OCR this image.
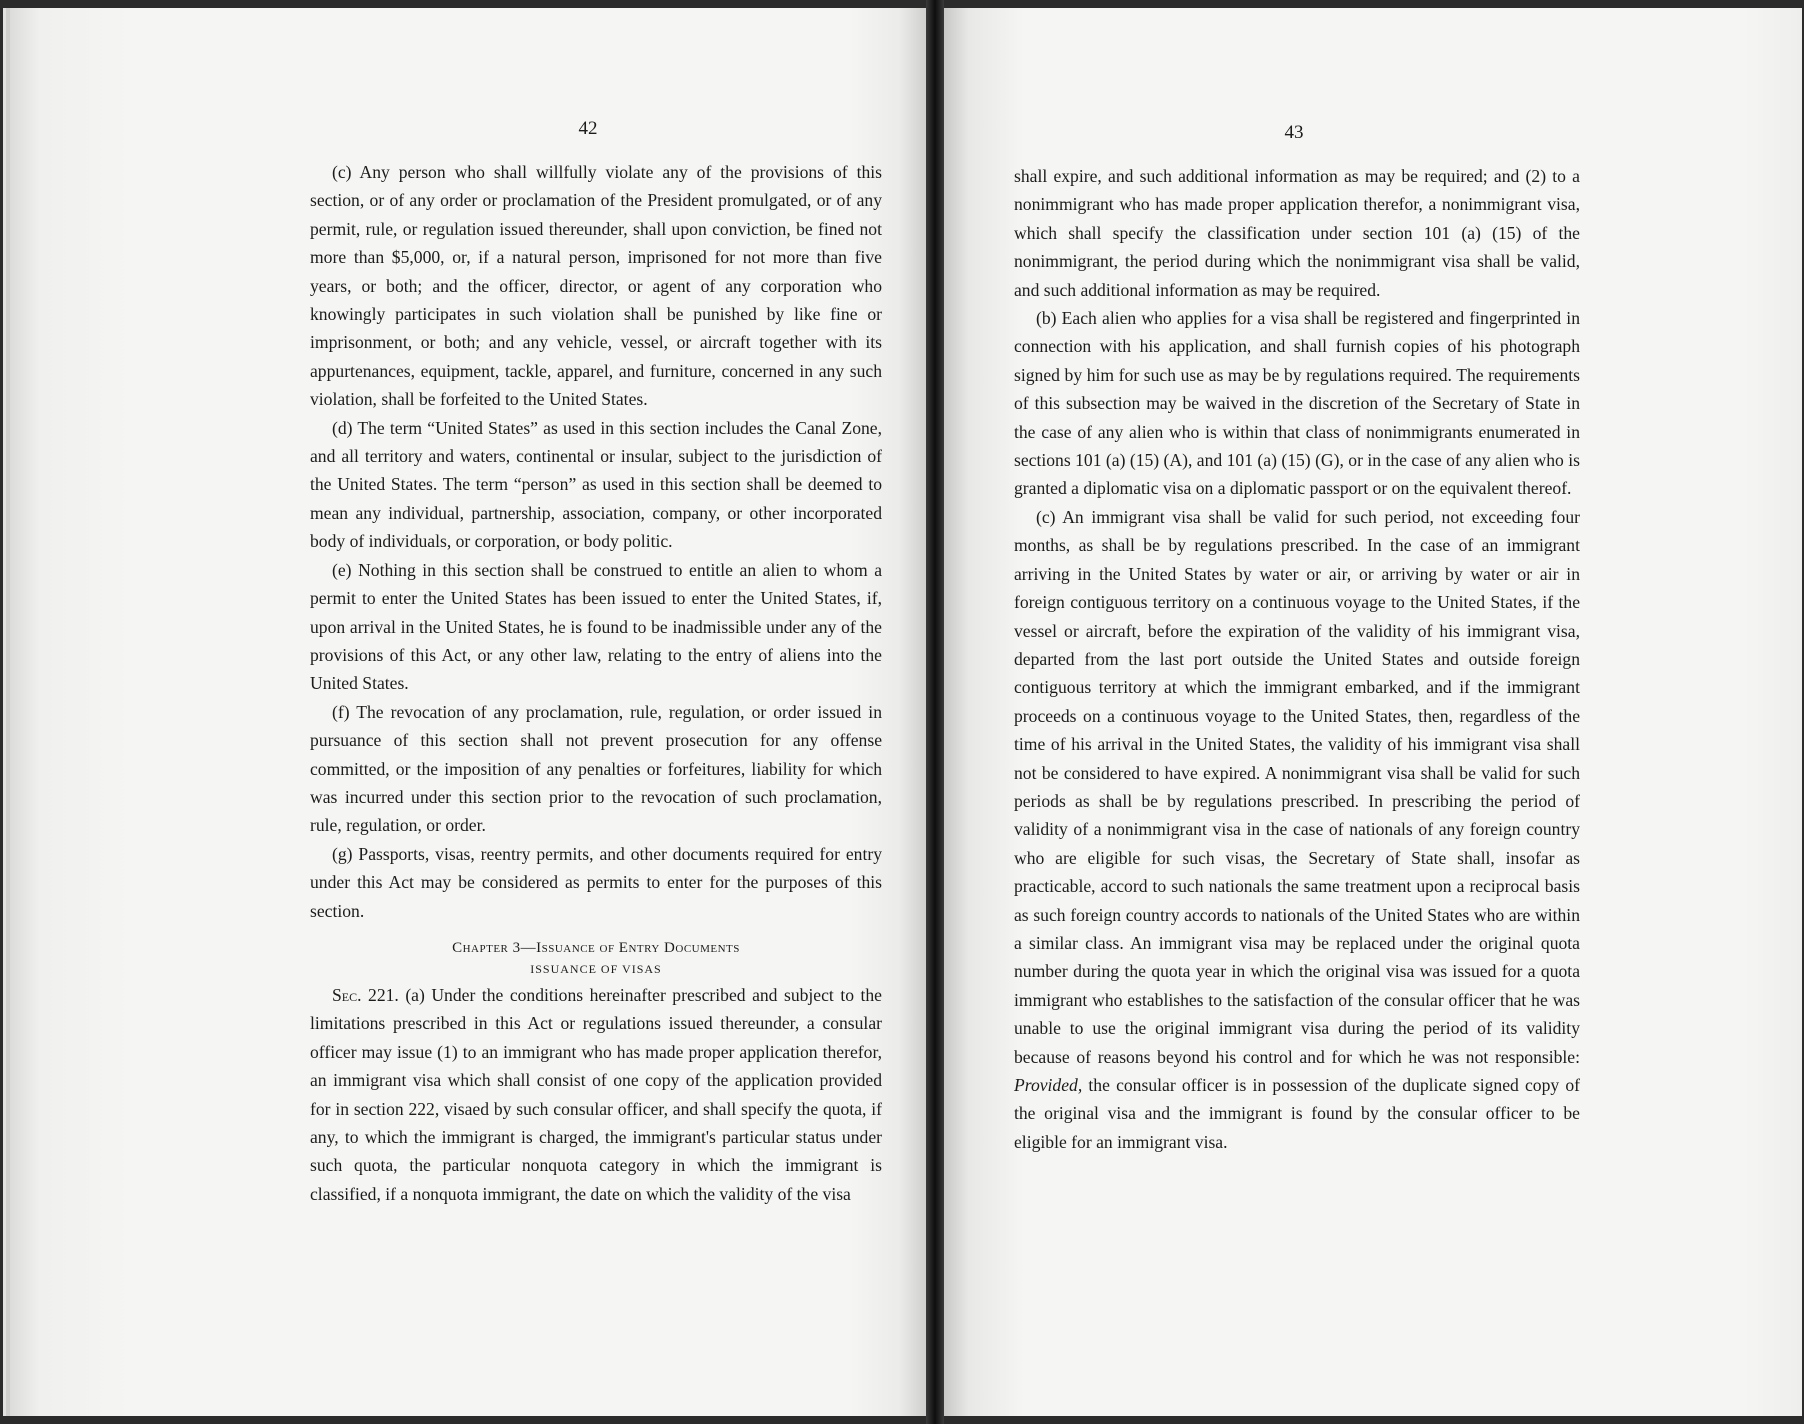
42

(c) Any person who shall willfully violate any of the provisions of this section, or of any order or proclamation of the President promulgated, or of any permit, rule, or regulation issued thereunder, shall upon conviction, be fined not more than $5,000, or, if a natural person, imprisoned for not more than five years, or both; and the officer, director, or agent of any corporation who knowingly participates in such violation shall be punished by like fine or imprisonment, or both; and any vehicle, vessel, or aircraft together with its appurtenances, equipment, tackle, apparel, and furniture, concerned in any such violation, shall be forfeited to the United States.

(d) The term “United States” as used in this section includes the Canal Zone, and all territory and waters, continental or insular, subject to the jurisdiction of the United States. The term “person” as used in this section shall be deemed to mean any individual, partnership, association, company, or other incorporated body of individuals, or corporation, or body politic.

(e) Nothing in this section shall be construed to entitle an alien to whom a permit to enter the United States has been issued to enter the United States, if, upon arrival in the United States, he is found to be inadmissible under any of the provisions of this Act, or any other law, relating to the entry of aliens into the United States.

(f) The revocation of any proclamation, rule, regulation, or order issued in pursuance of this section shall not prevent prosecution for any offense committed, or the imposition of any penalties or forfeitures, liability for which was incurred under this section prior to the revocation of such proclamation, rule, regulation, or order.

(g) Passports, visas, reentry permits, and other documents required for entry under this Act may be considered as permits to enter for the purposes of this section.

Chapter 3—Issuance of Entry Documents
ISSUANCE OF VISAS

Sec. 221. (a) Under the conditions hereinafter prescribed and subject to the limitations prescribed in this Act or regulations issued thereunder, a consular officer may issue (1) to an immigrant who has made proper application therefor, an immigrant visa which shall consist of one copy of the application provided for in section 222, visaed by such consular officer, and shall specify the quota, if any, to which the immigrant is charged, the immigrant's particular status under such quota, the particular nonquota category in which the immigrant is classified, if a nonquota immigrant, the date on which the validity of the visa

43

shall expire, and such additional information as may be required; and (2) to a nonimmigrant who has made proper application therefor, a nonimmigrant visa, which shall specify the classification under section 101 (a) (15) of the nonimmigrant, the period during which the nonimmigrant visa shall be valid, and such additional information as may be required.

(b) Each alien who applies for a visa shall be registered and fingerprinted in connection with his application, and shall furnish copies of his photograph signed by him for such use as may be by regulations required. The requirements of this subsection may be waived in the discretion of the Secretary of State in the case of any alien who is within that class of nonimmigrants enumerated in sections 101 (a) (15) (A), and 101 (a) (15) (G), or in the case of any alien who is granted a diplomatic visa on a diplomatic passport or on the equivalent thereof.

(c) An immigrant visa shall be valid for such period, not exceeding four months, as shall be by regulations prescribed. In the case of an immigrant arriving in the United States by water or air, or arriving by water or air in foreign contiguous territory on a continuous voyage to the United States, if the vessel or aircraft, before the expiration of the validity of his immigrant visa, departed from the last port outside the United States and outside foreign contiguous territory at which the immigrant embarked, and if the immigrant proceeds on a continuous voyage to the United States, then, regardless of the time of his arrival in the United States, the validity of his immigrant visa shall not be considered to have expired. A nonimmigrant visa shall be valid for such periods as shall be by regulations prescribed. In prescribing the period of validity of a nonimmigrant visa in the case of nationals of any foreign country who are eligible for such visas, the Secretary of State shall, insofar as practicable, accord to such nationals the same treatment upon a reciprocal basis as such foreign country accords to nationals of the United States who are within a similar class. An immigrant visa may be replaced under the original quota number during the quota year in which the original visa was issued for a quota immigrant who establishes to the satisfaction of the consular officer that he was unable to use the original immigrant visa during the period of its validity because of reasons beyond his control and for which he was not responsible: Provided, the consular officer is in possession of the duplicate signed copy of the original visa and the immigrant is found by the consular officer to be eligible for an immigrant visa.
